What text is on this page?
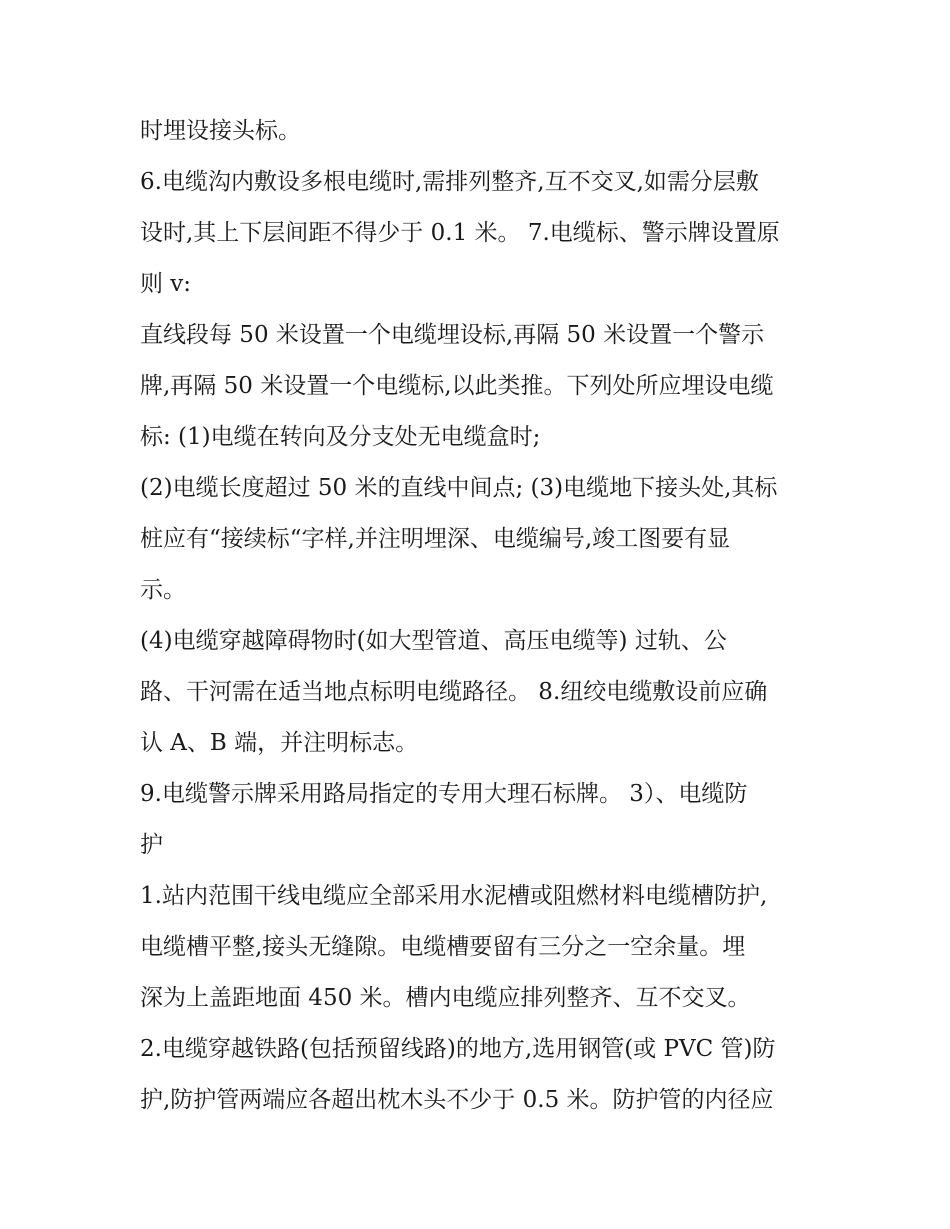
时埋设接头标。
6.电缆沟内敷设多根电缆时,需排列整齐,互不交叉,如需分层敷
设时,其上下层间距不得少于 0.1 米。 7.电缆标、警示牌设置原
则 v:
直线段每 50 米设置一个电缆埋设标,再隔 50 米设置一个警示
牌,再隔 50 米设置一个电缆标,以此类推。下列处所应埋设电缆
标: (1)电缆在转向及分支处无电缆盒时;
(2)电缆长度超过 50 米的直线中间点; (3)电缆地下接头处,其标
桩应有“接续标“字样,并注明埋深、电缆编号,竣工图要有显
示。
(4)电缆穿越障碍物时(如大型管道、高压电缆等) 过轨、公
路、干河需在适当地点标明电缆路径。 8.纽绞电缆敷设前应确
认 A、B 端，并注明标志。
9.电缆警示牌采用路局指定的专用大理石标牌。 3）、电缆防
护
1.站内范围干线电缆应全部采用水泥槽或阻燃材料电缆槽防护,
电缆槽平整,接头无缝隙。电缆槽要留有三分之一空余量。埋
深为上盖距地面 450 米。槽内电缆应排列整齐、互不交叉。
2.电缆穿越铁路(包括预留线路)的地方,选用钢管(或 PVC 管)防
护,防护管两端应各超出枕木头不少于 0.5 米。防护管的内径应
